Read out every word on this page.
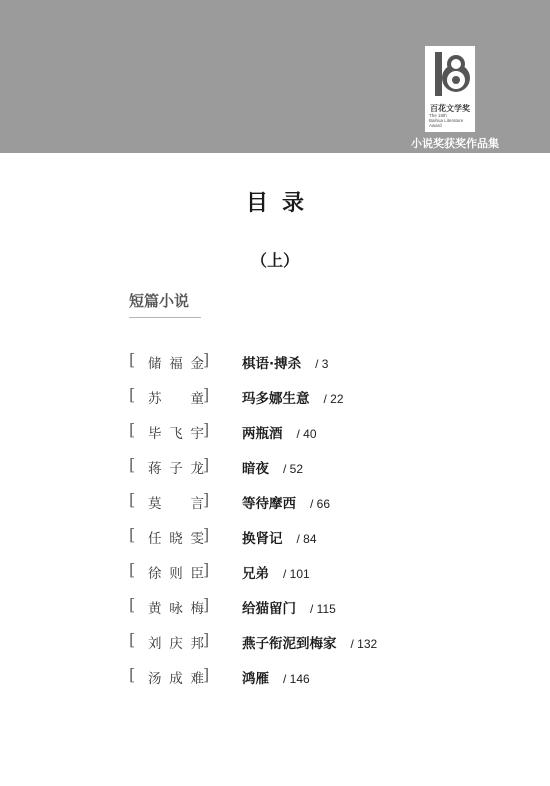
百花文学奖
The 18th
Baihua Literature
Award
小说奖获奖作品集
目录
（上）
短篇小说
[ 储福金 ] 棋语·搏杀 / 3
[ 苏童 ] 玛多娜生意 / 22
[ 毕飞宇 ] 两瓶酒 / 40
[ 蒋子龙 ] 暗夜 / 52
[ 莫言 ] 等待摩西 / 66
[ 任晓雯 ] 换肾记 / 84
[ 徐则臣 ] 兄弟 / 101
[ 黄咏梅 ] 给猫留门 / 115
[ 刘庆邦 ] 燕子衔泥到梅家 / 132
[ 汤成难 ] 鸿雁 / 146
